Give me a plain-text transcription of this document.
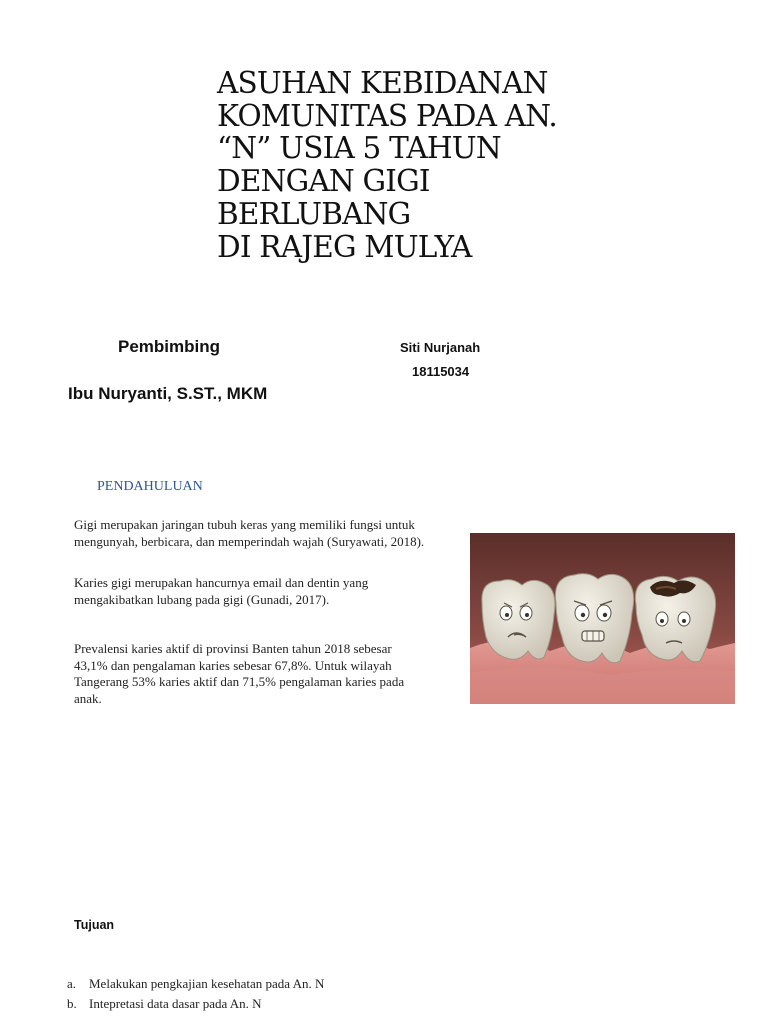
ASUHAN KEBIDANAN
KOMUNITAS PADA AN.
“N” USIA 5 TAHUN
DENGAN GIGI
BERLUBANG
DI RAJEG MULYA
Pembimbing
Ibu Nuryanti, S.ST., MKM
Siti Nurjanah
18115034
PENDAHULUAN

Gigi merupakan jaringan tubuh keras yang memiliki fungsi untuk
mengunyah, berbicara, dan memperindah wajah (Suryawati, 2018).

Karies gigi merupakan hancurnya email dan dentin yang
mengakibatkan lubang pada gigi (Gunadi, 2017).

Prevalensi karies aktif di provinsi Banten tahun 2018 sebesar
43,1% dan pengalaman karies sebesar 67,8%. Untuk wilayah
Tangerang 53% karies aktif dan 71,5% pengalaman karies pada
anak.

Tujuan
a. Melakukan pengkajian kesehatan pada An. N
b. Intepretasi data dasar pada An. N
